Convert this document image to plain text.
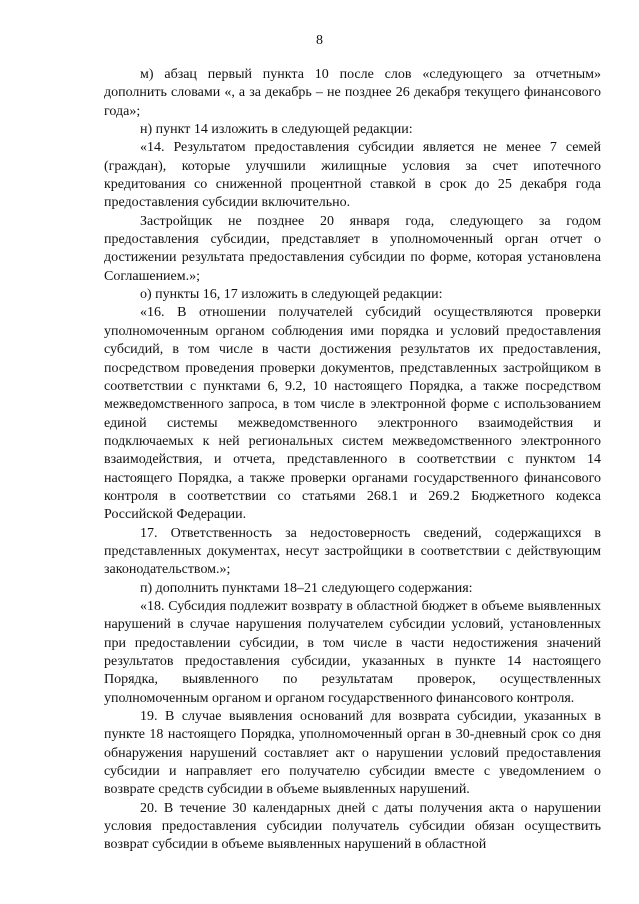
8

м) абзац первый пункта 10 после слов «следующего за отчетным» дополнить словами «, а за декабрь – не позднее 26 декабря текущего финансового года»;

н) пункт 14 изложить в следующей редакции:

«14. Результатом предоставления субсидии является не менее 7 семей (граждан), которые улучшили жилищные условия за счет ипотечного кредитования со сниженной процентной ставкой в срок до 25 декабря года предоставления субсидии включительно.

Застройщик не позднее 20 января года, следующего за годом предоставления субсидии, представляет в уполномоченный орган отчет о достижении результата предоставления субсидии по форме, которая установлена Соглашением.»;

о) пункты 16, 17 изложить в следующей редакции:

«16. В отношении получателей субсидий осуществляются проверки уполномоченным органом соблюдения ими порядка и условий предоставления субсидий, в том числе в части достижения результатов их предоставления, посредством проведения проверки документов, представленных застройщиком в соответствии с пунктами 6, 9.2, 10 настоящего Порядка, а также посредством межведомственного запроса, в том числе в электронной форме с использованием единой системы межведомственного электронного взаимодействия и подключаемых к ней региональных систем межведомственного электронного взаимодействия, и отчета, представленного в соответствии с пунктом 14 настоящего Порядка, а также проверки органами государственного финансового контроля в соответствии со статьями 268.1 и 269.2 Бюджетного кодекса Российской Федерации.

17. Ответственность за недостоверность сведений, содержащихся в представленных документах, несут застройщики в соответствии с действующим законодательством.»;

п) дополнить пунктами 18–21 следующего содержания:

«18. Субсидия подлежит возврату в областной бюджет в объеме выявленных нарушений в случае нарушения получателем субсидии условий, установленных при предоставлении субсидии, в том числе в части недостижения значений результатов предоставления субсидии, указанных в пункте 14 настоящего Порядка, выявленного по результатам проверок, осуществленных уполномоченным органом и органом государственного финансового контроля.

19. В случае выявления оснований для возврата субсидии, указанных в пункте 18 настоящего Порядка, уполномоченный орган в 30-дневный срок со дня обнаружения нарушений составляет акт о нарушении условий предоставления субсидии и направляет его получателю субсидии вместе с уведомлением о возврате средств субсидии в объеме выявленных нарушений.

20. В течение 30 календарных дней с даты получения акта о нарушении условия предоставления субсидии получатель субсидии обязан осуществить возврат субсидии в объеме выявленных нарушений в областной
